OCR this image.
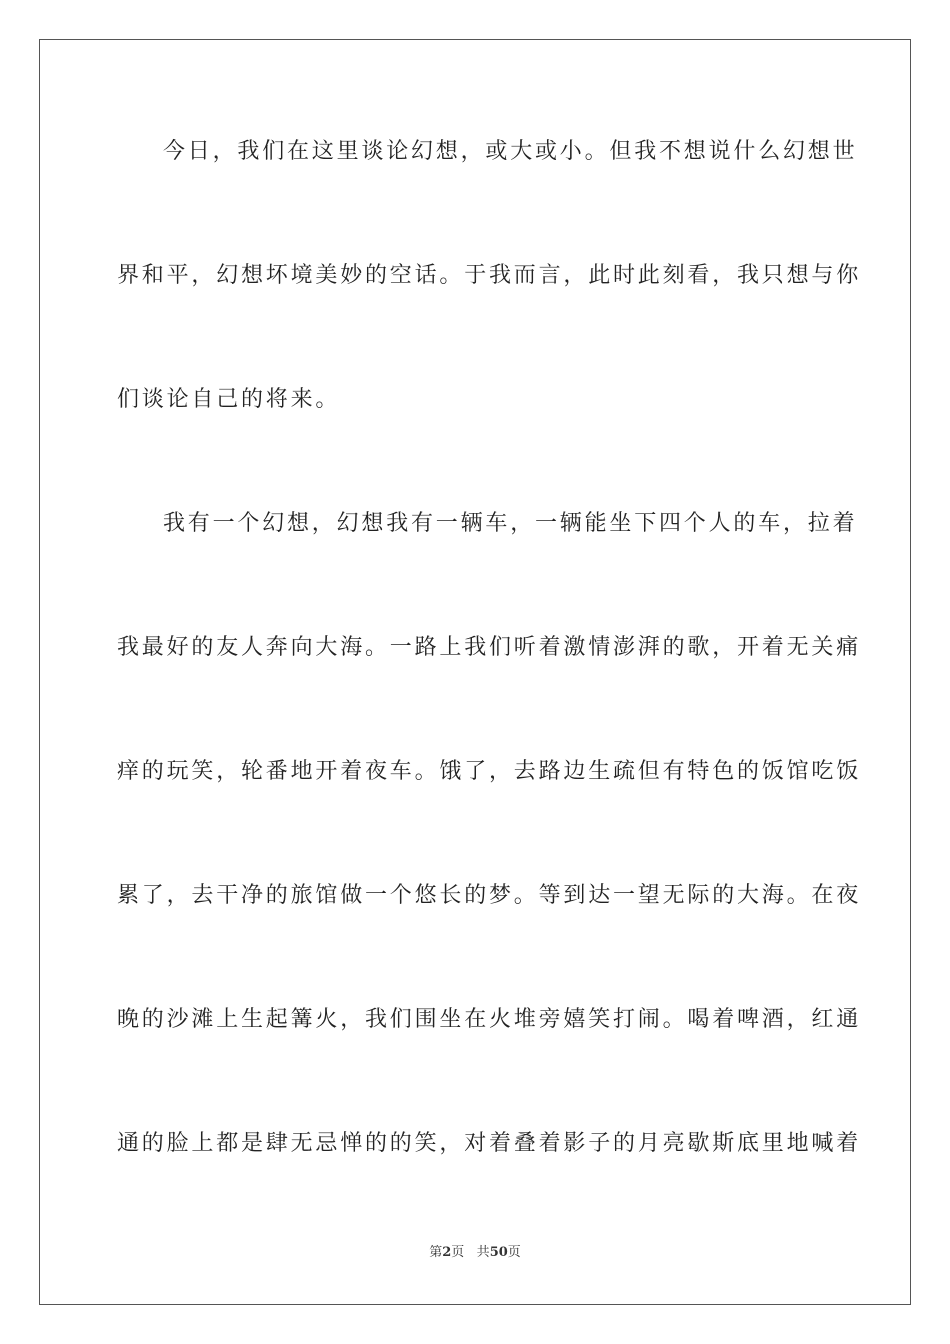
今日，我们在这里谈论幻想，或大或小。但我不想说什么幻想世
界和平，幻想坏境美妙的空话。于我而言，此时此刻看，我只想与你
们谈论自己的将来。
我有一个幻想，幻想我有一辆车，一辆能坐下四个人的车，拉着
我最好的友人奔向大海。一路上我们听着激情澎湃的歌，开着无关痛
痒的玩笑，轮番地开着夜车。饿了，去路边生疏但有特色的饭馆吃饭
累了，去干净的旅馆做一个悠长的梦。等到达一望无际的大海。在夜
晚的沙滩上生起篝火，我们围坐在火堆旁嬉笑打闹。喝着啤酒，红通
通的脸上都是肆无忌惮的的笑，对着叠着影子的月亮歇斯底里地喊着
第2页 共50页
